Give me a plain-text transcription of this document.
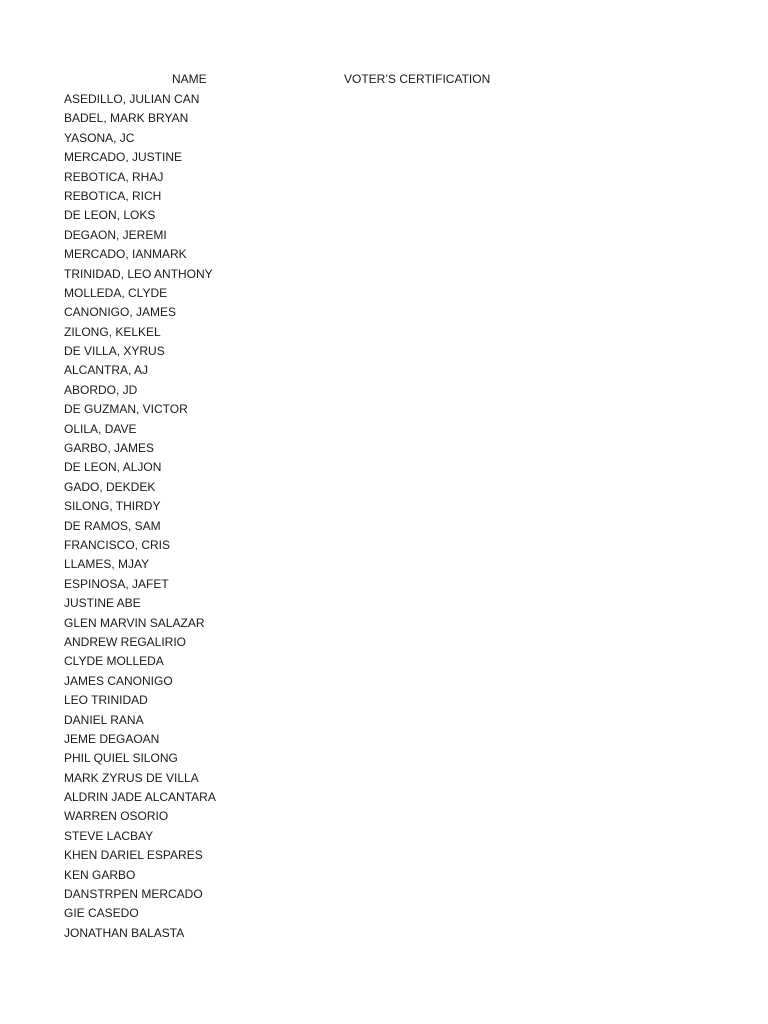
NAME	VOTER’S CERTIFICATION
ASEDILLO, JULIAN CAN
BADEL, MARK BRYAN
YASONA, JC
MERCADO, JUSTINE
REBOTICA, RHAJ
REBOTICA, RICH
DE LEON, LOKS
DEGAON, JEREMI
MERCADO, IANMARK
TRINIDAD, LEO ANTHONY
MOLLEDA, CLYDE
CANONIGO, JAMES
ZILONG, KELKEL
DE VILLA, XYRUS
ALCANTRA, AJ
ABORDO, JD
DE GUZMAN, VICTOR
OLILA, DAVE
GARBO, JAMES
DE LEON, ALJON
GADO, DEKDEK
SILONG, THIRDY
DE RAMOS, SAM
FRANCISCO, CRIS
LLAMES, MJAY
ESPINOSA, JAFET
JUSTINE ABE
GLEN MARVIN SALAZAR
ANDREW REGALIRIO
CLYDE MOLLEDA
JAMES CANONIGO
LEO TRINIDAD
DANIEL RANA
JEME DEGAOAN
PHIL QUIEL SILONG
MARK ZYRUS DE VILLA
ALDRIN JADE ALCANTARA
WARREN OSORIO
STEVE LACBAY
KHEN DARIEL ESPARES
KEN GARBO
DANSTRPEN MERCADO
GIE CASEDO
JONATHAN BALASTA
